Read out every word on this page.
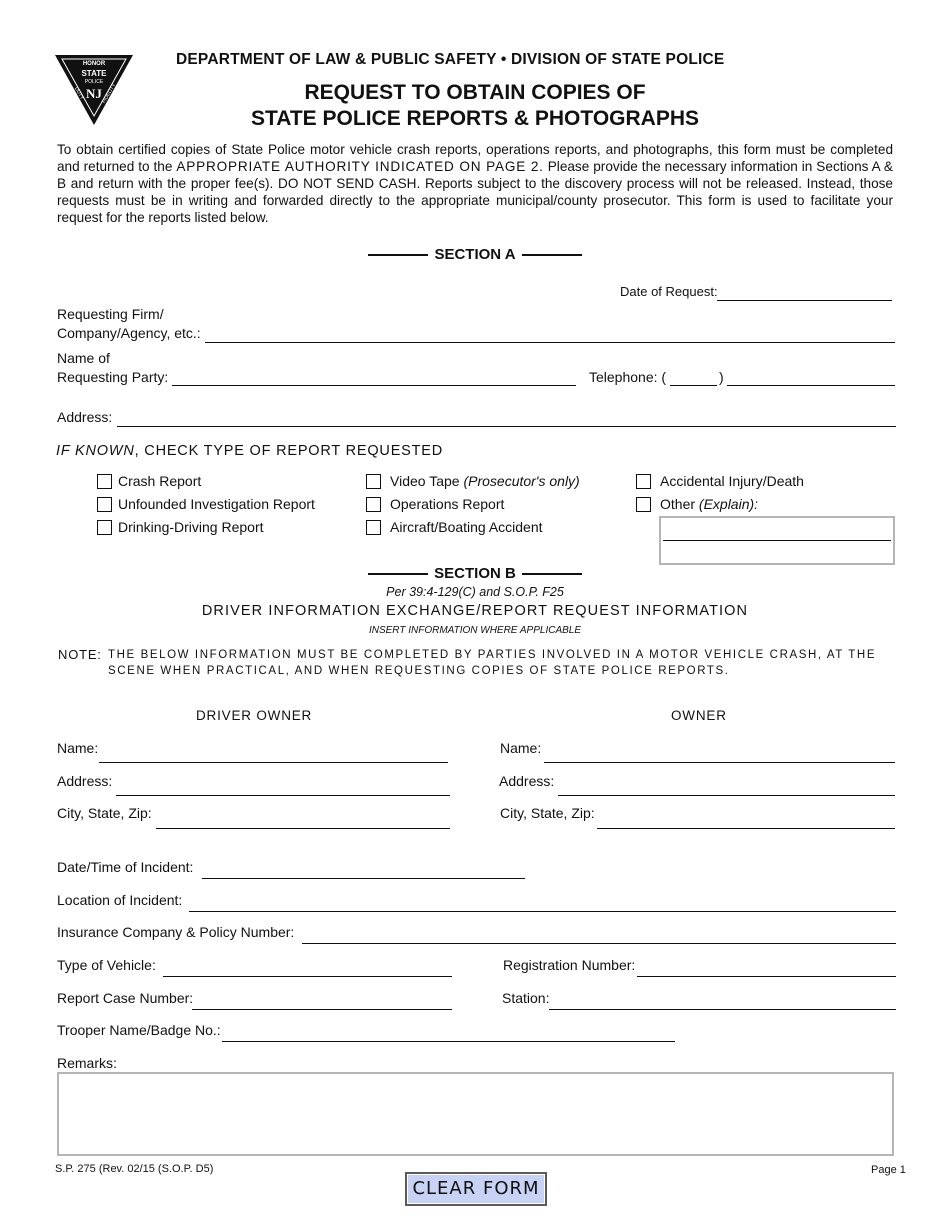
HONOR
STATE
POLICE
NJ
DUTY	FIDELITY
DEPARTMENT OF LAW & PUBLIC SAFETY • DIVISION OF STATE POLICE
REQUEST TO OBTAIN COPIES OF
STATE POLICE REPORTS & PHOTOGRAPHS
To obtain certified copies of State Police motor vehicle crash reports, operations reports, and photographs, this form must be completed and returned to the APPROPRIATE AUTHORITY INDICATED ON PAGE 2. Please provide the necessary information in Sections A & B and return with the proper fee(s). DO NOT SEND CASH. Reports subject to the discovery process will not be released. Instead, those requests must be in writing and forwarded directly to the appropriate municipal/county prosecutor. This form is used to facilitate your request for the reports listed below.
SECTION A
Date of Request:
Requesting Firm/
Company/Agency, etc.:
Name of
Requesting Party:	Telephone: (	)
Address:
IF KNOWN, CHECK TYPE OF REPORT REQUESTED
Crash Report
Unfounded Investigation Report
Drinking-Driving Report
Video Tape (Prosecutor's only)
Operations Report
Aircraft/Boating Accident
Accidental Injury/Death
Other (Explain):
SECTION B
Per 39:4-129(C) and S.O.P. F25
DRIVER INFORMATION EXCHANGE/REPORT REQUEST INFORMATION
INSERT INFORMATION WHERE APPLICABLE
NOTE: THE BELOW INFORMATION MUST BE COMPLETED BY PARTIES INVOLVED IN A MOTOR VEHICLE CRASH, AT THE
SCENE WHEN PRACTICAL, AND WHEN REQUESTING COPIES OF STATE POLICE REPORTS.
DRIVER OWNER	OWNER
Name:
Address:
City, State, Zip:
Name:
Address:
City, State, Zip:
Date/Time of Incident:
Location of Incident:
Insurance Company & Policy Number:
Type of Vehicle:	Registration Number:
Report Case Number:	Station:
Trooper Name/Badge No.:
Remarks:
S.P. 275 (Rev. 02/15 (S.O.P. D5)	Page 1
CLEAR FORM
